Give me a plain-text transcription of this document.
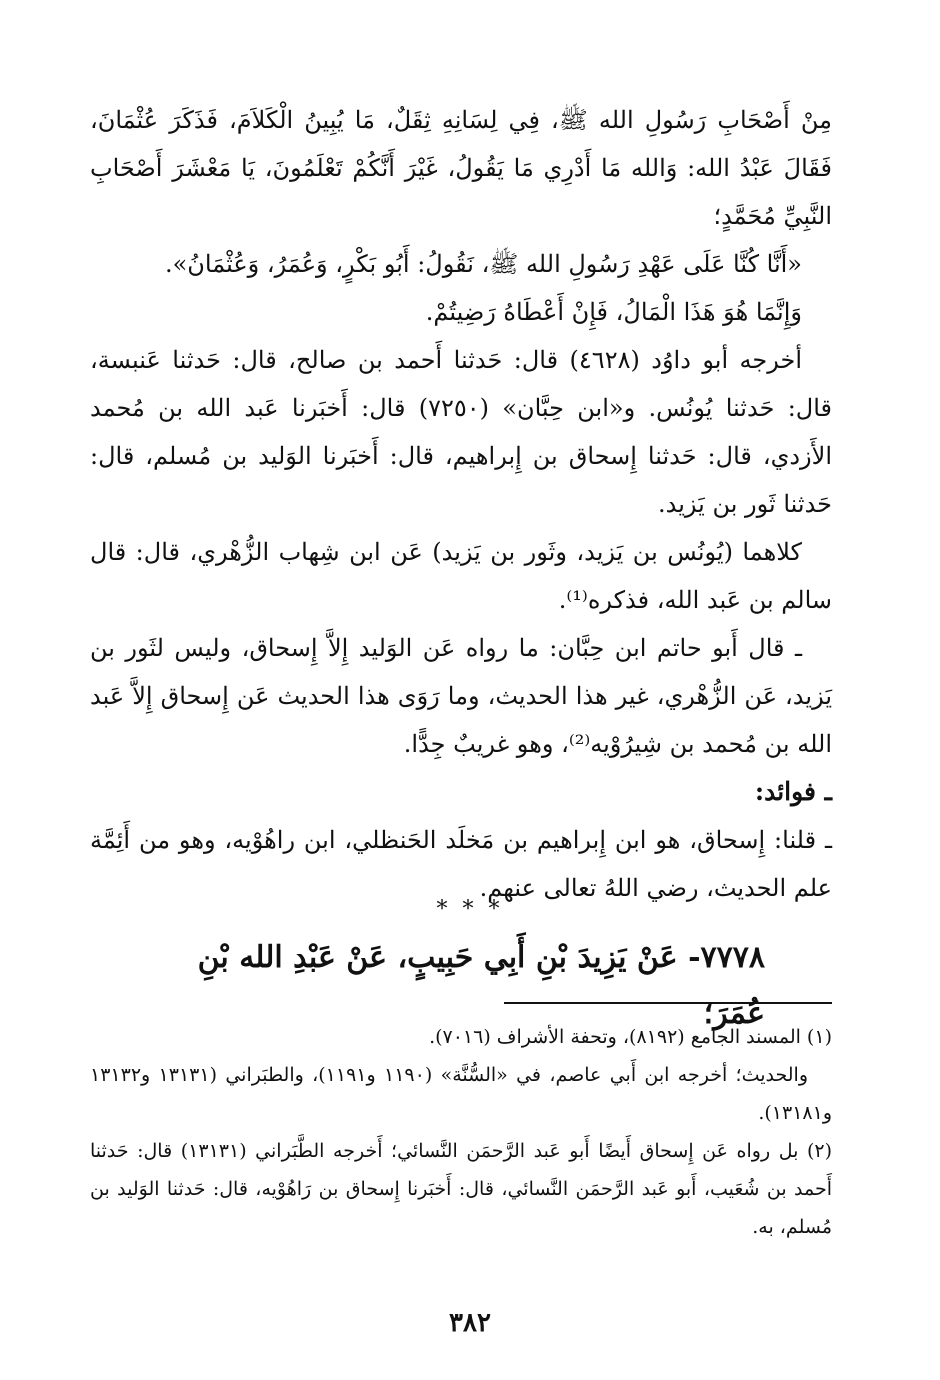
مِنْ أَصْحَابِ رَسُولِ الله ﷺ، فِي لِسَانِهِ ثِقَلٌ، مَا يُبِينُ الْكَلاَمَ، فَذَكَرَ عُثْمَانَ، فَقَالَ عَبْدُ الله: وَالله مَا أَدْرِي مَا يَقُولُ، غَيْرَ أَنَّكُمْ تَعْلَمُونَ، يَا مَعْشَرَ أَصْحَابِ النَّبِيِّ مُحَمَّدٍ؛

«أَنَّا كُنَّا عَلَى عَهْدِ رَسُولِ الله ﷺ، نَقُولُ: أَبُو بَكْرٍ، وَعُمَرُ، وَعُثْمَانُ».

وَإِنَّمَا هُوَ هَذَا الْمَالُ، فَإِنْ أَعْطَاهُ رَضِيتُمْ.

أخرجه أبو داوُد (٤٦٢٨) قال: حَدثنا أَحمد بن صالح، قال: حَدثنا عَنبسة، قال: حَدثنا يُونُس. و«ابن حِبَّان» (٧٢٥٠) قال: أَخبَرنا عَبد الله بن مُحمد الأَزدي، قال: حَدثنا إِسحاق بن إِبراهيم، قال: أَخبَرنا الوَليد بن مُسلم، قال: حَدثنا ثَور بن يَزيد.

كلاهما (يُونُس بن يَزيد، وثَور بن يَزيد) عَن ابن شِهاب الزُّهْري، قال: قال سالم بن عَبد الله، فذكره⁽¹⁾.

ـ قال أَبو حاتم ابن حِبَّان: ما رواه عَن الوَليد إِلاَّ إِسحاق، وليس لثَور بن يَزيد، عَن الزُّهْري، غير هذا الحديث، وما رَوَى هذا الحديث عَن إِسحاق إِلاَّ عَبد الله بن مُحمد بن شِيرُوْيه⁽²⁾، وهو غريبٌ جِدًّا.

ـ فوائد:

ـ قلنا: إِسحاق، هو ابن إِبراهيم بن مَخلَد الحَنظلي، ابن راهُوْيه، وهو من أَئِمَّة علم الحديث، رضي اللهُ تعالى عنهم.

* * *
٧٧٧٨- عَنْ يَزِيدَ بْنِ أَبِي حَبِيبٍ، عَنْ عَبْدِ الله بْنِ عُمَرَ؛

(١) المسند الجامع (٨١٩٢)، وتحفة الأشراف (٧٠١٦).

والحديث؛ أخرجه ابن أَبي عاصم، في «السُّنَّة» (١١٩٠ و١١٩١)، والطبَراني (١٣١٣١ و١٣١٣٢ و١٣١٨١).

(٢) بل رواه عَن إِسحاق أَيضًا أَبو عَبد الرَّحمَن النَّسائي؛ أَخرجه الطَّبَراني (١٣١٣١) قال: حَدثنا أَحمد بن شُعَيب، أَبو عَبد الرَّحمَن النَّسائي، قال: أَخبَرنا إِسحاق بن رَاهُوْيه، قال: حَدثنا الوَليد بن مُسلم، به.

٣٨٢
